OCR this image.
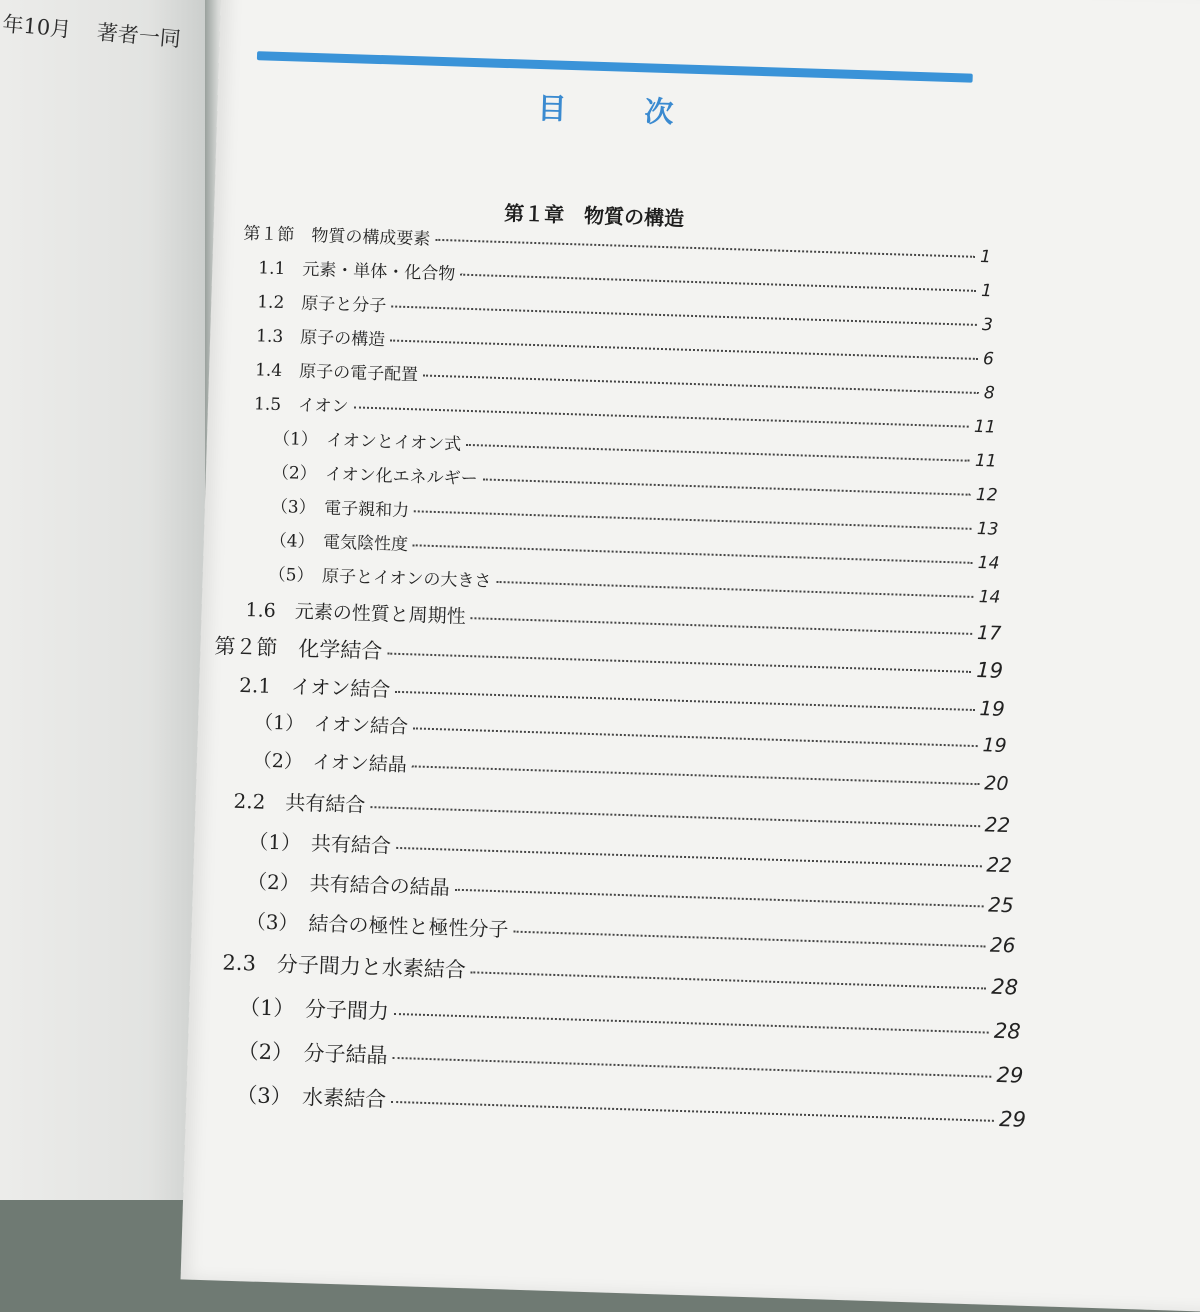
年10月 著者一同
目	次
第１章　物質の構造
第１節　物質の構成要素
1
1.1　元素・単体・化合物
1
1.2　原子と分子
3
1.3　原子の構造
6
1.4　原子の電子配置
8
1.5　イオン
11
（1）　イオンとイオン式
11
（2）　イオン化エネルギー
12
（3）　電子親和力
13
（4）　電気陰性度
14
（5）　原子とイオンの大きさ
14
1.6　元素の性質と周期性
17
第２節　化学結合
19
2.1　イオン結合
19
（1）　イオン結合
19
（2）　イオン結晶
20
2.2　共有結合
22
（1）　共有結合
22
（2）　共有結合の結晶
25
（3）　結合の極性と極性分子
26
2.3　分子間力と水素結合
28
（1）　分子間力
28
（2）　分子結晶
29
（3）　水素結合
29
